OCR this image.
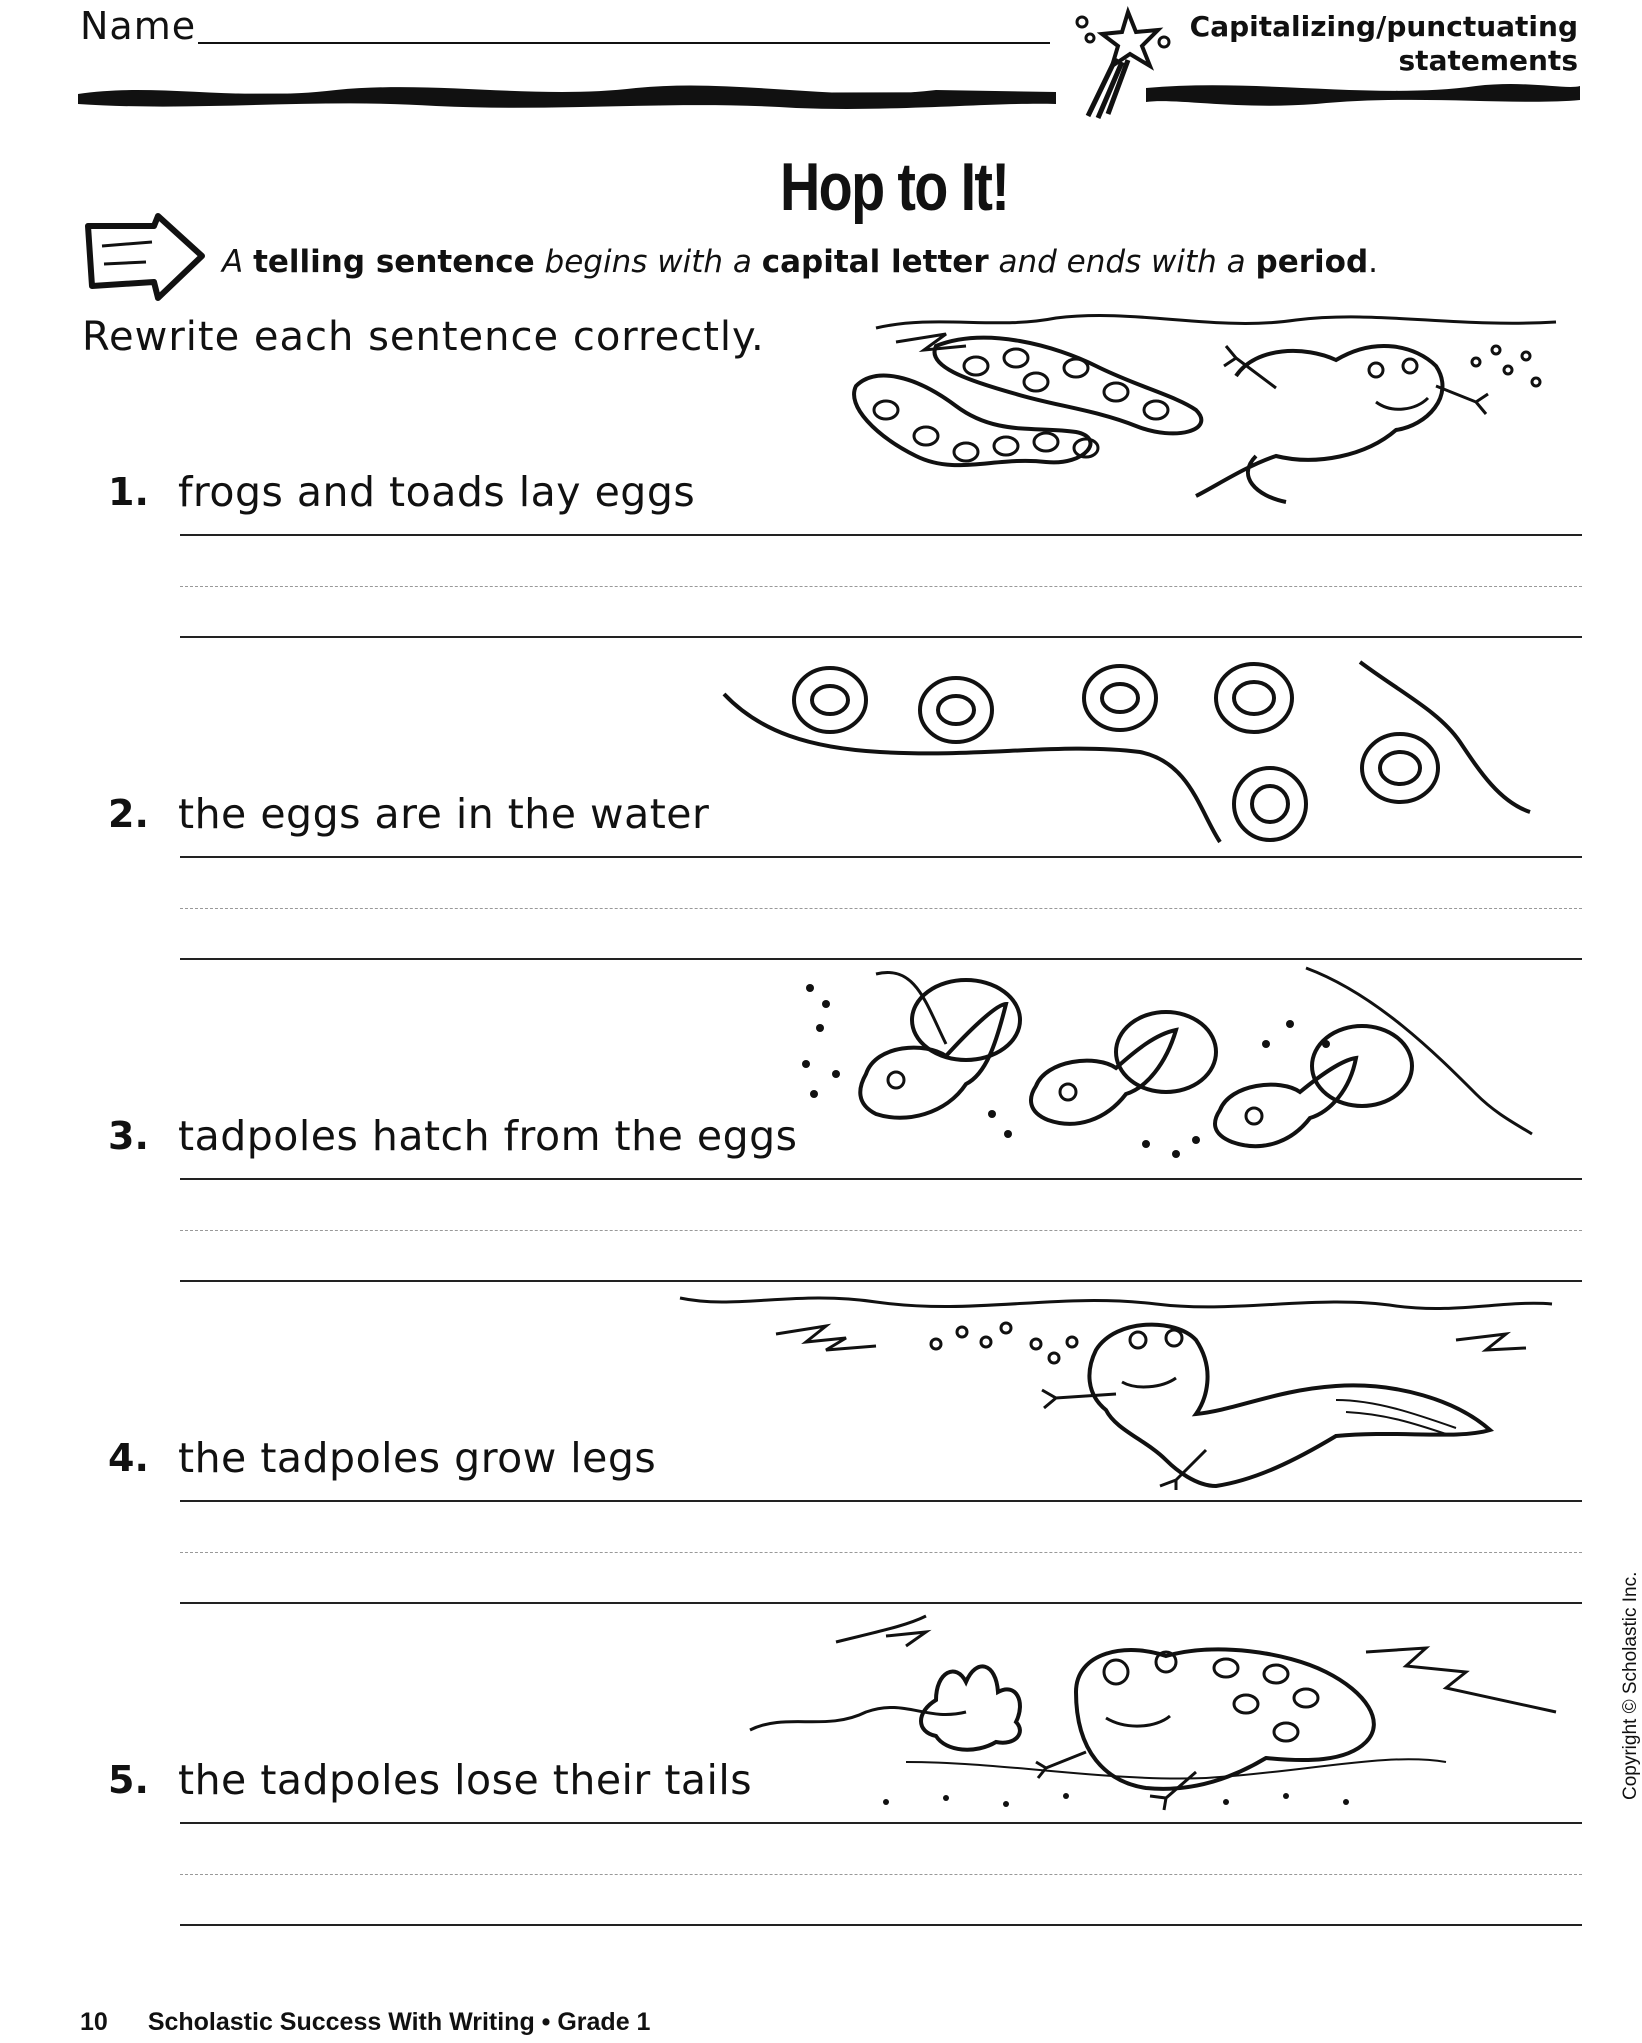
Name	Capitalizing/punctuating
statements
Hop to It!
A telling sentence begins with a capital letter and ends with a period.
Rewrite each sentence correctly.
1. frogs and toads lay eggs
2. the eggs are in the water
3. tadpoles hatch from the eggs
4. the tadpoles grow legs
5. the tadpoles lose their tails
10 Scholastic Success With Writing • Grade 1
Copyright © Scholastic Inc.
